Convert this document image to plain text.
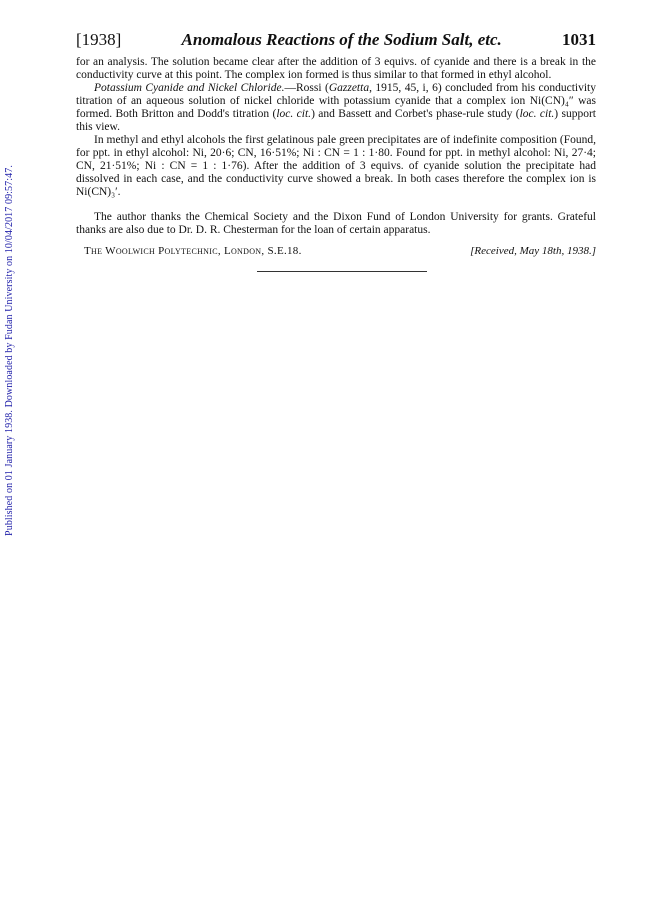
Published on 01 January 1938. Downloaded by Fudan University on 10/04/2017 09:57:47.
[1938]	Anomalous Reactions of the Sodium Salt, etc.	1031

for an analysis. The solution became clear after the addition of 3 equivs. of cyanide and there is a break in the conductivity curve at this point. The complex ion formed is thus similar to that formed in ethyl alcohol.

Potassium Cyanide and Nickel Chloride.—Rossi (Gazzetta, 1915, 45, i, 6) concluded from his conductivity titration of an aqueous solution of nickel chloride with potassium cyanide that a complex ion Ni(CN)₄″ was formed. Both Britton and Dodd's titration (loc. cit.) and Bassett and Corbet's phase-rule study (loc. cit.) support this view.

In methyl and ethyl alcohols the first gelatinous pale green precipitates are of indefinite composition (Found, for ppt. in ethyl alcohol: Ni, 20·6; CN, 16·51%; Ni : CN = 1 : 1·80. Found for ppt. in methyl alcohol: Ni, 27·4; CN, 21·51%; Ni : CN = 1 : 1·76). After the addition of 3 equivs. of cyanide solution the precipitate had dissolved in each case, and the conductivity curve showed a break. In both cases therefore the complex ion is Ni(CN)₃′.

The author thanks the Chemical Society and the Dixon Fund of London University for grants. Grateful thanks are also due to Dr. D. R. Chesterman for the loan of certain apparatus.

The Woolwich Polytechnic, London, S.E.18.	[Received, May 18th, 1938.]
